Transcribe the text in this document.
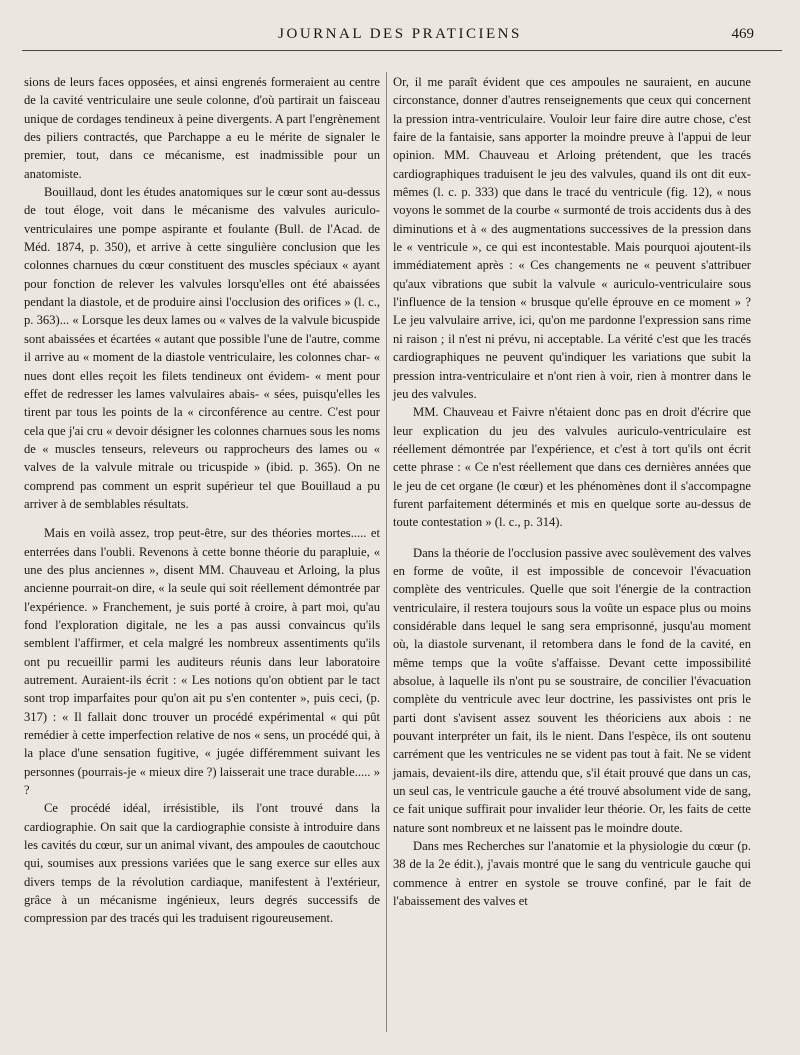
JOURNAL DES PRATICIENS	469

sions de leurs faces opposées, et ainsi engrenés formeraient au centre de la cavité ventriculaire une seule colonne, d'où partirait un faisceau unique de cordages tendineux à peine divergents. A part l'engrènement des piliers contractés, que Parchappe a eu le mérite de signaler le premier, tout, dans ce mécanisme, est inadmissible pour un anatomiste.

Bouillaud, dont les études anatomiques sur le cœur sont au-dessus de tout éloge, voit dans le mécanisme des valvules auriculo-ventriculaires une pompe aspirante et foulante (Bull. de l'Acad. de Méd. 1874, p. 350), et arrive à cette singulière conclusion que les colonnes charnues du cœur constituent des muscles spéciaux « ayant pour fonction de relever les valvules lorsqu'elles ont été abaissées pendant la diastole, et de produire ainsi l'occlusion des orifices » (l. c., p. 363)... « Lorsque les deux lames ou « valves de la valvule bicuspide sont abaissées et écartées « autant que possible l'une de l'autre, comme il arrive au « moment de la diastole ventriculaire, les colonnes char- « nues dont elles reçoit les filets tendineux ont évidem- « ment pour effet de redresser les lames valvulaires abais- « sées, puisqu'elles les tirent par tous les points de la « circonférence au centre. C'est pour cela que j'ai cru « devoir désigner les colonnes charnues sous les noms de « muscles tenseurs, releveurs ou rapprocheurs des lames ou « valves de la valvule mitrale ou tricuspide » (ibid. p. 365). On ne comprend pas comment un esprit supérieur tel que Bouillaud a pu arriver à de semblables résultats.

Mais en voilà assez, trop peut-être, sur des théories mortes..... et enterrées dans l'oubli. Revenons à cette bonne théorie du parapluie, « une des plus anciennes », disent MM. Chauveau et Arloing, la plus ancienne pourrait-on dire, « la seule qui soit réellement démontrée par l'expérience. » Franchement, je suis porté à croire, à part moi, qu'au fond l'exploration digitale, ne les a pas aussi convaincus qu'ils semblent l'affirmer, et cela malgré les nombreux assentiments qu'ils ont pu recueillir parmi les auditeurs réunis dans leur laboratoire autrement. Auraient-ils écrit : « Les notions qu'on obtient par le tact sont trop imparfaites pour qu'on ait pu s'en contenter », puis ceci, (p. 317) : « Il fallait donc trouver un procédé expérimental « qui pût remédier à cette imperfection relative de nos « sens, un procédé qui, à la place d'une sensation fugitive, « jugée différemment suivant les personnes (pourrais-je « mieux dire ?) laisserait une trace durable..... » ?

Ce procédé idéal, irrésistible, ils l'ont trouvé dans la cardiographie. On sait que la cardiographie consiste à introduire dans les cavités du cœur, sur un animal vivant, des ampoules de caoutchouc qui, soumises aux pressions variées que le sang exerce sur elles aux divers temps de la révolution cardiaque, manifestent à l'extérieur, grâce à un mécanisme ingénieux, leurs degrés successifs de compression par des tracés qui les traduisent rigoureusement.

Or, il me paraît évident que ces ampoules ne sauraient, en aucune circonstance, donner d'autres renseignements que ceux qui concernent la pression intra-ventriculaire. Vouloir leur faire dire autre chose, c'est faire de la fantaisie, sans apporter la moindre preuve à l'appui de leur opinion. MM. Chauveau et Arloing prétendent, que les tracés cardiographiques traduisent le jeu des valvules, quand ils ont dit eux-mêmes (l. c. p. 333) que dans le tracé du ventricule (fig. 12), « nous voyons le sommet de la courbe « surmonté de trois accidents dus à des diminutions et à « des augmentations successives de la pression dans le « ventricule », ce qui est incontestable. Mais pourquoi ajoutent-ils immédiatement après : « Ces changements ne « peuvent s'attribuer qu'aux vibrations que subit la valvule « auriculo-ventriculaire sous l'influence de la tension « brusque qu'elle éprouve en ce moment » ? Le jeu valvulaire arrive, ici, qu'on me pardonne l'expression sans rime ni raison ; il n'est ni prévu, ni acceptable. La vérité c'est que les tracés cardiographiques ne peuvent qu'indiquer les variations que subit la pression intra-ventriculaire et n'ont rien à voir, rien à montrer dans le jeu des valvules.

MM. Chauveau et Faivre n'étaient donc pas en droit d'écrire que leur explication du jeu des valvules auriculo-ventriculaire est réellement démontrée par l'expérience, et c'est à tort qu'ils ont écrit cette phrase : « Ce n'est réellement que dans ces dernières années que le jeu de cet organe (le cœur) et les phénomènes dont il s'accompagne furent parfaitement déterminés et mis en quelque sorte au-dessus de toute contestation » (l. c., p. 314).

Dans la théorie de l'occlusion passive avec soulèvement des valves en forme de voûte, il est impossible de concevoir l'évacuation complète des ventricules. Quelle que soit l'énergie de la contraction ventriculaire, il restera toujours sous la voûte un espace plus ou moins considérable dans lequel le sang sera emprisonné, jusqu'au moment où, la diastole survenant, il retombera dans le fond de la cavité, en même temps que la voûte s'affaisse. Devant cette impossibilité absolue, à laquelle ils n'ont pu se soustraire, de concilier l'évacuation complète du ventricule avec leur doctrine, les passivistes ont pris le parti dont s'avisent assez souvent les théoriciens aux abois : ne pouvant interpréter un fait, ils le nient. Dans l'espèce, ils ont soutenu carrément que les ventricules ne se vident pas tout à fait. Ne se vident jamais, devaient-ils dire, attendu que, s'il était prouvé que dans un cas, un seul cas, le ventricule gauche a été trouvé absolument vide de sang, ce fait unique suffirait pour invalider leur théorie. Or, les faits de cette nature sont nombreux et ne laissent pas le moindre doute.

Dans mes Recherches sur l'anatomie et la physiologie du cœur (p. 38 de la 2e édit.), j'avais montré que le sang du ventricule gauche qui commence à entrer en systole se trouve confiné, par le fait de l'abaissement des valves et
